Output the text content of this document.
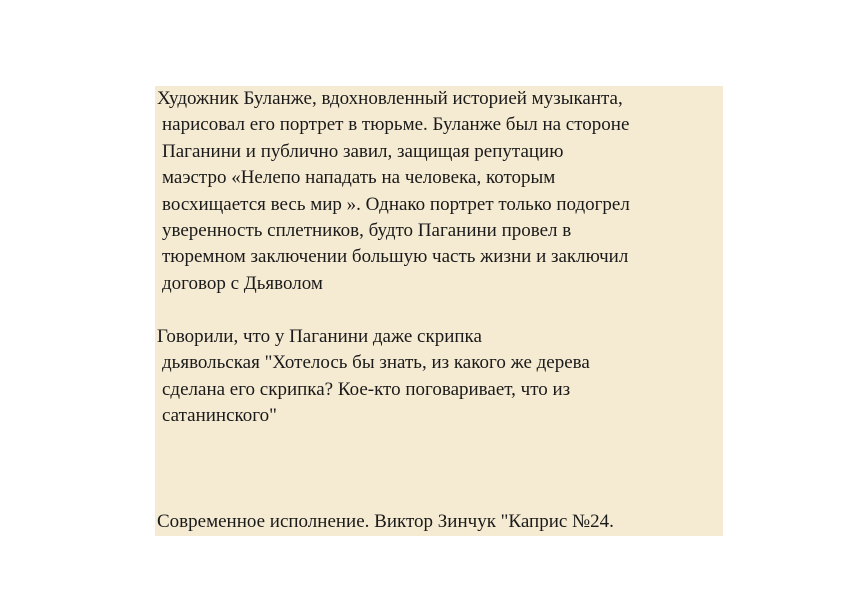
Художник Буланже, вдохновленный историей музыканта,
нарисовал его портрет в тюрьме. Буланже был на стороне
Паганини и публично завил, защищая репутацию
маэстро «Нелепо нападать на человека, которым
восхищается весь мир ». Однако портрет только подогрел
уверенность сплетников, будто Паганини провел в
тюремном заключении большую часть жизни и заключил
договор с Дьяволом

Говорили, что у Паганини даже скрипка
дьявольская "Хотелось бы знать, из какого же дерева
сделана его скрипка? Кое-кто поговаривает, что из
сатанинского"

Современное исполнение. Виктор Зинчук "Каприс №24.
